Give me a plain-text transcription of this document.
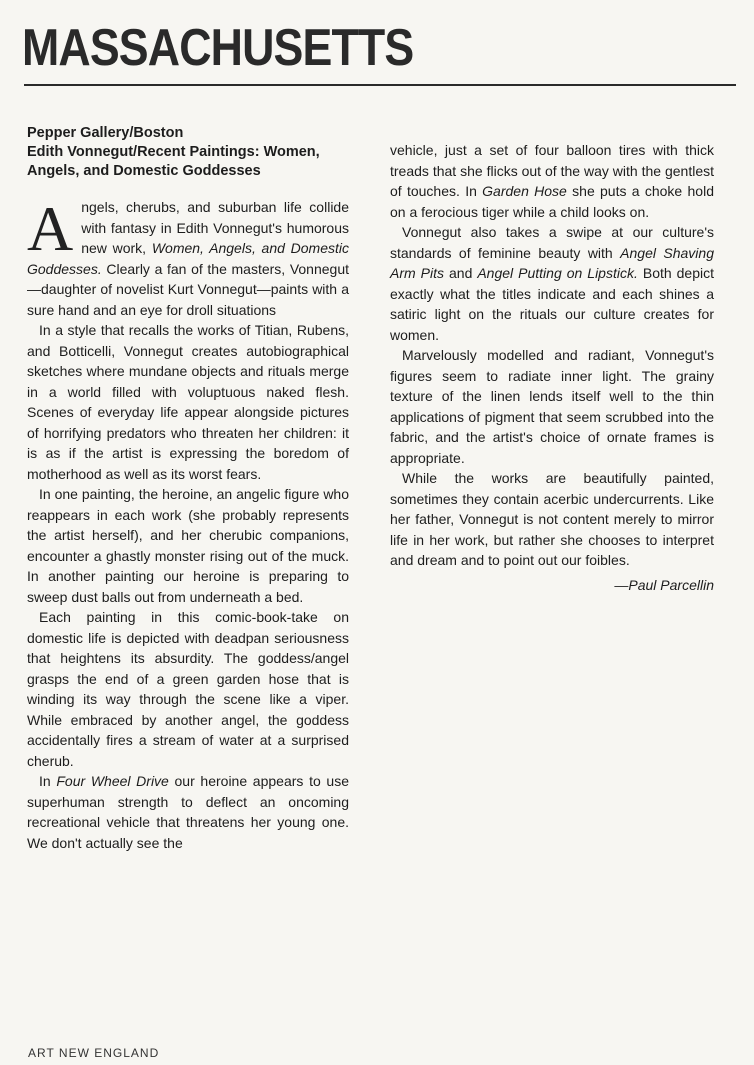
MASSACHUSETTS
Pepper Gallery/Boston
Edith Vonnegut/Recent Paintings: Women,
Angels, and Domestic Goddesses

Angels, cherubs, and suburban life collide with fantasy in Edith Vonnegut's humorous new work, Women, Angels, and Domestic Goddesses. Clearly a fan of the masters, Vonnegut—daughter of novelist Kurt Vonnegut—paints with a sure hand and an eye for droll situations

In a style that recalls the works of Titian, Rubens, and Botticelli, Vonnegut creates autobiographical sketches where mundane objects and rituals merge in a world filled with voluptuous naked flesh. Scenes of everyday life appear alongside pictures of horrifying predators who threaten her children: it is as if the artist is expressing the boredom of motherhood as well as its worst fears.

In one painting, the heroine, an angelic figure who reappears in each work (she probably represents the artist herself), and her cherubic companions, encounter a ghastly monster rising out of the muck. In another painting our heroine is preparing to sweep dust balls out from underneath a bed.

Each painting in this comic-book-take on domestic life is depicted with deadpan seriousness that heightens its absurdity. The goddess/angel grasps the end of a green garden hose that is winding its way through the scene like a viper. While embraced by another angel, the goddess accidentally fires a stream of water at a surprised cherub.

In Four Wheel Drive our heroine appears to use superhuman strength to deflect an oncoming recreational vehicle that threatens her young one. We don't actually see the

vehicle, just a set of four balloon tires with thick treads that she flicks out of the way with the gentlest of touches. In Garden Hose she puts a choke hold on a ferocious tiger while a child looks on.

Vonnegut also takes a swipe at our culture's standards of feminine beauty with Angel Shaving Arm Pits and Angel Putting on Lipstick. Both depict exactly what the titles indicate and each shines a satiric light on the rituals our culture creates for women.

Marvelously modelled and radiant, Vonnegut's figures seem to radiate inner light. The grainy texture of the linen lends itself well to the thin applications of pigment that seem scrubbed into the fabric, and the artist's choice of ornate frames is appropriate.

While the works are beautifully painted, sometimes they contain acerbic undercurrents. Like her father, Vonnegut is not content merely to mirror life in her work, but rather she chooses to interpret and dream and to point out our foibles.

—Paul Parcellin
ART NEW ENGLAND
